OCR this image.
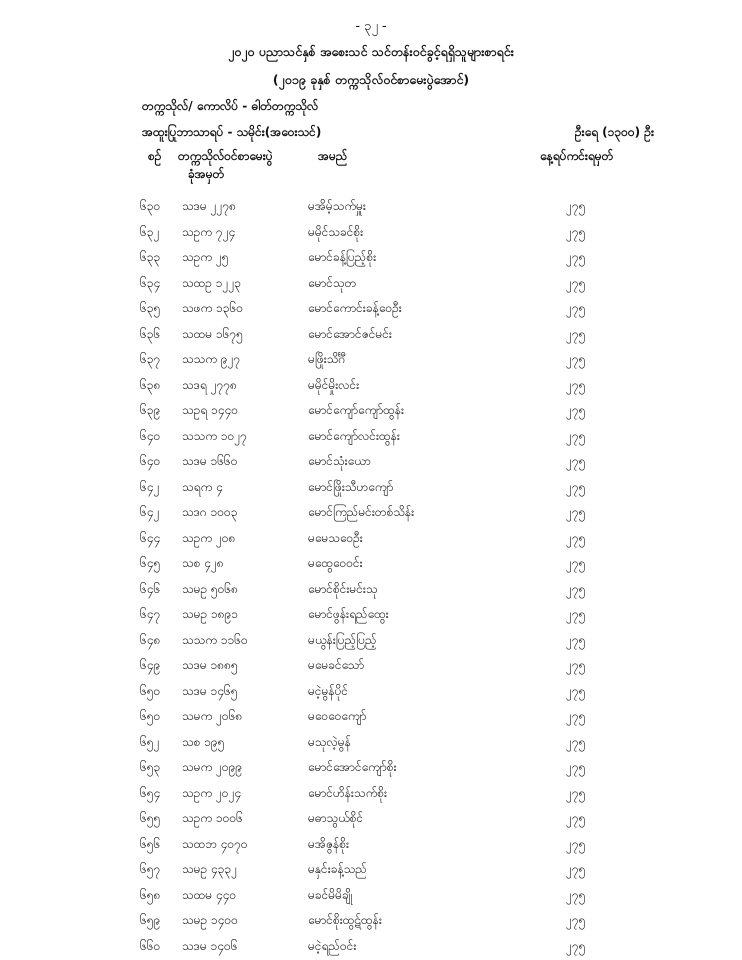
- ၃၂ -
၂၀၂၀ ပညာသင်နှစ် အစေးသင် သင်တန်းဝင်ခွင့်ရရှိသူများစာရင်း
(၂၀၁၉ ခုနှစ် တက္ကသိုလ်ဝင်စာမေးပွဲအောင်)
တက္ကသိုလ်/ ကောလိပ် - ဓါတ်တက္ကသိုလ်
အထူးပြုဘာသာရပ် - သမိုင်း(အဝေးသင်)	ဦးရေ (၁၃၀၀) ဦး
စဉ် တက္ကသိုလ်ဝင်စာမေးပွဲ
ခုံအမှတ်
အမည်	နေ့ရပ်ကင်းရမှတ်
၆၃၀	သဒမ ၂၂၇၈	မအိမ့်သက်မှူး	၂၇၅
၆၃၂	သဥက ၇၂၄	မမိုင်သခင်စိုး	၂၇၅
၆၃၃	သဥက ၂၅	မောင်ခန့်ပြည့်စိုး	၂၇၅
၆၃၄	သထဥ ၁၂၂၃	မောင်သုတ	၂၇၅
၆၃၅	သဖက ၁၃၆၀	မောင်ကောင်းခန့်ဝေဦး	၂၇၅
၆၃၆	သထမ ၁၆၇၅	မောင်အောင်ဇင်မင်း	၂၇၅
၆၃၇	သသက ၉၂၇	မဖြိုးသိင်္ဂီ	၂၇၅
၆၃၈	သဒရ ၂၇၇၈	မမိုင်မှိုးလင်း	၂၇၅
၆၃၉	သဥရ ၁၄၄၀	မောင်ကျော်ကျော်ထွန်း	၂၇၅
၆၄၀	သသက ၁၀၂၇	မောင်ကျော်လင်းထွန်း	၂၇၅
၆၄၀	သဒမ ၁၆၆၀	မောင်သုံးယော	၂၇၅
၆၄၂	သရက ၄	မောင်ဖြိုးသီဟကျော်	၂၇၅
၆၄၂	သဒဂ ၁၀၀၃	မောင်ကြည်မင်းတစ်သိန်း	၂၇၅
၆၄၄	သဥက ၂၀၈	မမေသဝေဦး	၂၇၅
၆၄၅	သစ ၄၂၈	မထွေဝေဝင်း	၂၇၅
၆၄၆	သမဥ ၅၀၆၈	မောင်စိုင်းမင်းသု	၂၇၅
၆၄၇	သမဥ ၁၈၉၁	မောင်ဖွန်းရည်ထွေး	၂၇၅
၆၄၈	သသက ၁၁၆၀	မယွန်းပြည့်ပြည့်	၂၇၅
၆၄၉	သဒမ ၁၈၈၅	မမေခင်သော်	၂၇၅
၆၅၀	သဒမ ၁၄၆၅	မငဲ့မွန်ပိုင်	၂၇၅
၆၅၀	သမက ၂၀၆၈	မဝေဝေကျော်	၂၇၅
၆၅၂	သစ ၁၉၅	မသုလဲ့မွန်	၂၇၅
၆၅၃	သမက ၂၀၉၉	မောင်အောင်ကျော်စိုး	၂၇၅
၆၅၄	သဥက ၂၀၂၄	မောင်ဟိန်းသက်စိုး	၂၇၅
၆၅၅	သဥက ၁၀၀၆	မဓာသွယ်စိုင်	၂၇၅
၆၅၆	သထဘ ၄၀၇၀	မအိဇွန်စိုး	၂၇၅
၆၅၇	သမဥ ၄၃၃၂	မနှင်းခန့်သည်	၂၇၅
၆၅၈	သထမ ၄၄၀	မခင်မိမိချို	၂၇၅
၆၅၉	သမဥ ၁၄၀၀	မောင်စိုးထွဋ်ထွန်း	၂၇၅
၆၆၀	သဒမ ၁၄၀၆	မငဲ့ရည်ဝင်း	၂၇၅
